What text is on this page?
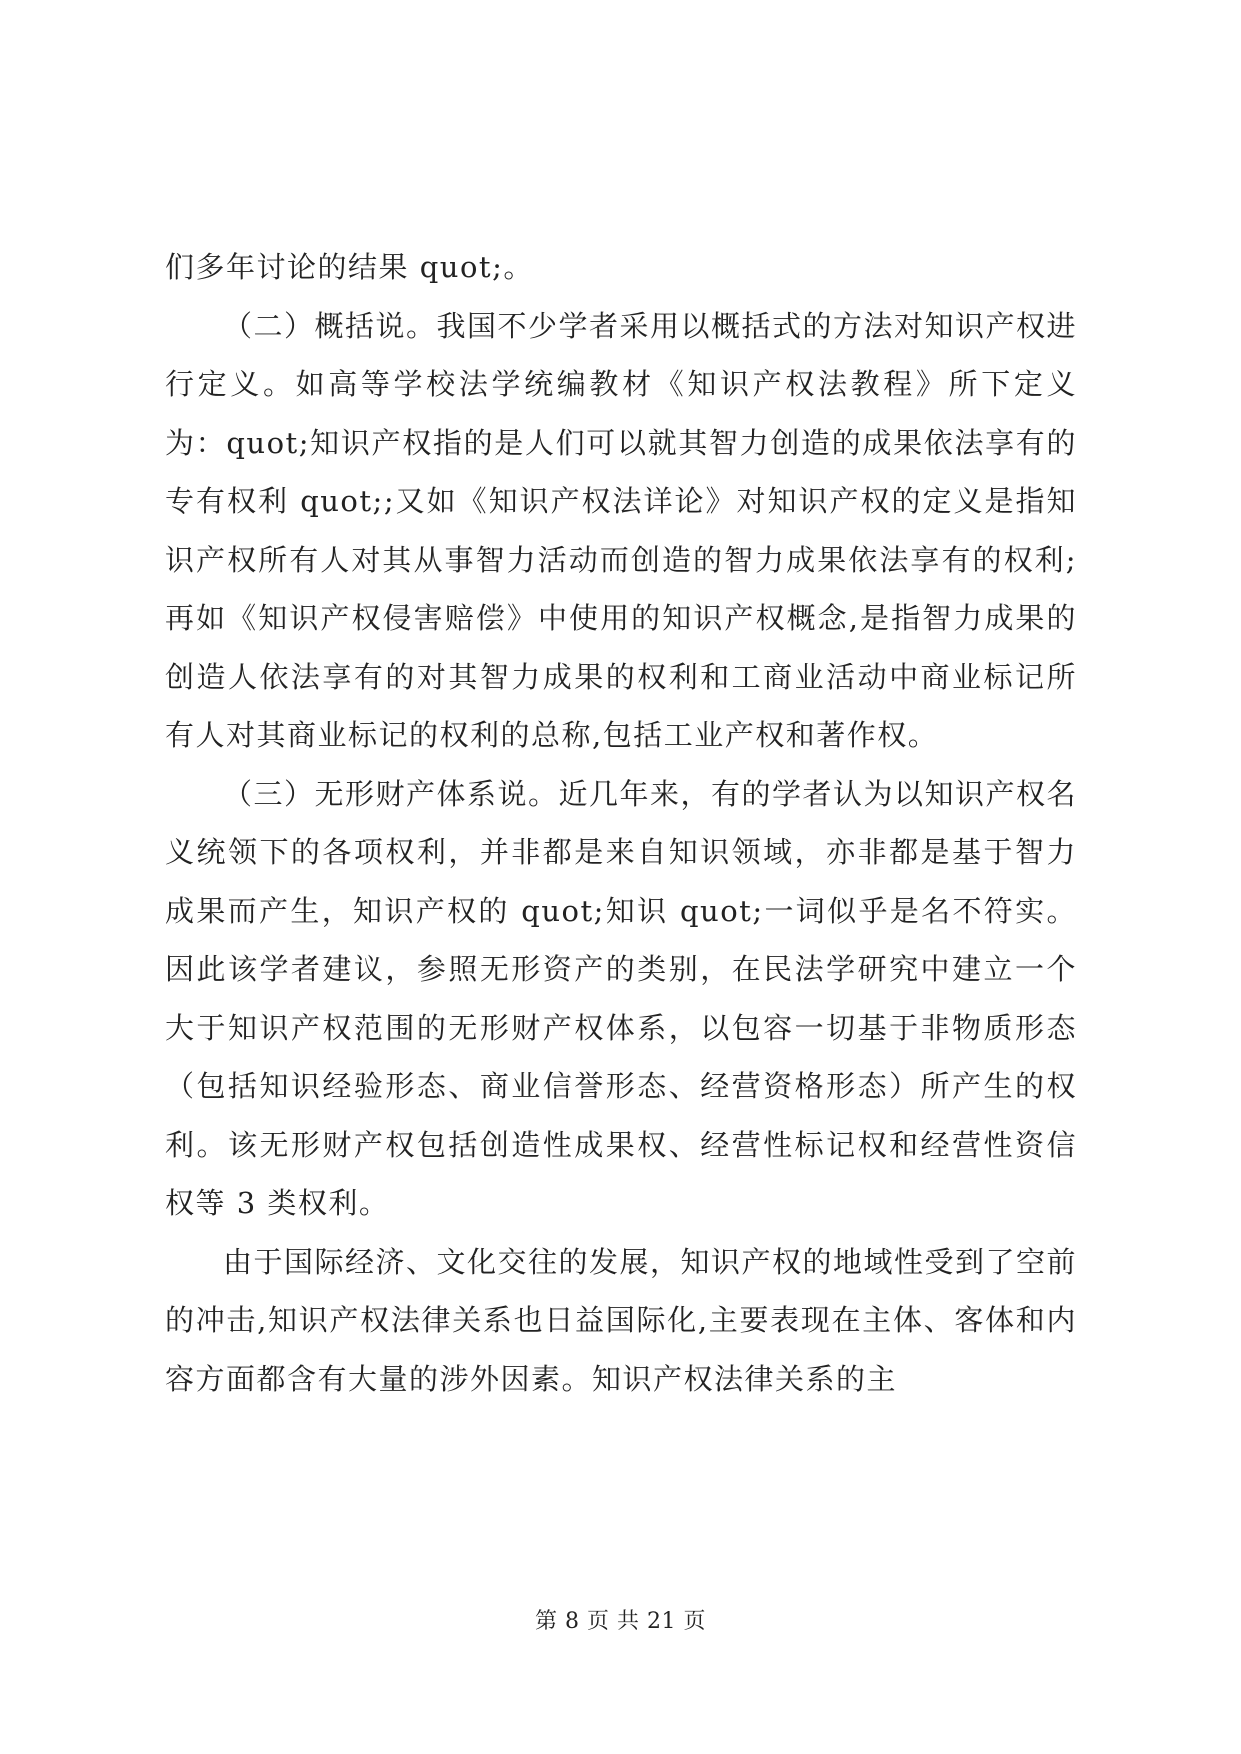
们多年讨论的结果 quot;。

（二）概括说。我国不少学者采用以概括式的方法对知识产权进行定义。如高等学校法学统编教材《知识产权法教程》所下定义为：quot;知识产权指的是人们可以就其智力创造的成果依法享有的专有权利 quot;;又如《知识产权法详论》对知识产权的定义是指知识产权所有人对其从事智力活动而创造的智力成果依法享有的权利;再如《知识产权侵害赔偿》中使用的知识产权概念,是指智力成果的创造人依法享有的对其智力成果的权利和工商业活动中商业标记所有人对其商业标记的权利的总称,包括工业产权和著作权。

（三）无形财产体系说。近几年来，有的学者认为以知识产权名义统领下的各项权利，并非都是来自知识领域，亦非都是基于智力成果而产生，知识产权的 quot;知识 quot;一词似乎是名不符实。因此该学者建议，参照无形资产的类别，在民法学研究中建立一个大于知识产权范围的无形财产权体系，以包容一切基于非物质形态（包括知识经验形态、商业信誉形态、经营资格形态）所产生的权利。该无形财产权包括创造性成果权、经营性标记权和经营性资信权等 3 类权利。

由于国际经济、文化交往的发展，知识产权的地域性受到了空前的冲击,知识产权法律关系也日益国际化,主要表现在主体、客体和内容方面都含有大量的涉外因素。知识产权法律关系的主

第 8 页 共 21 页
